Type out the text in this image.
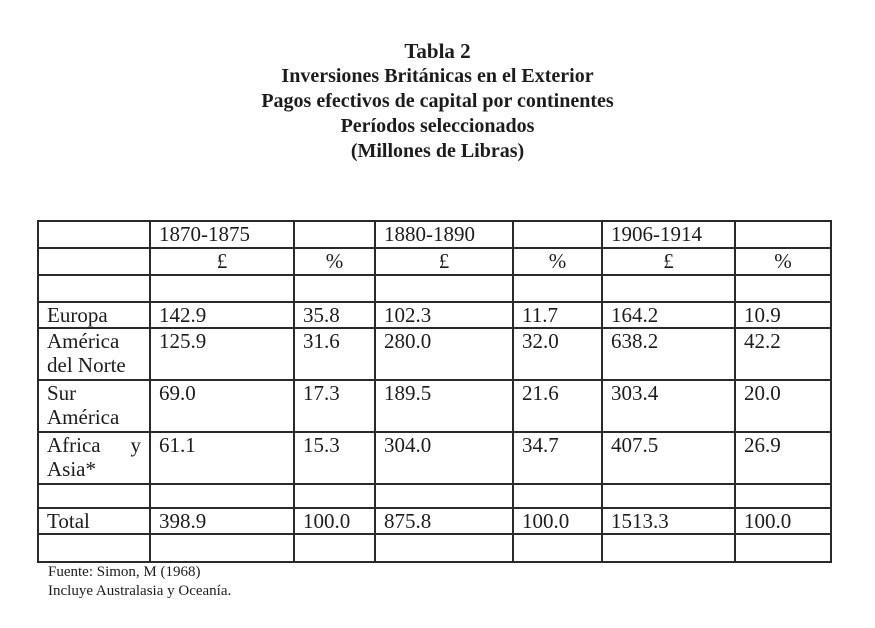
Tabla 2
Inversiones Británicas en el Exterior
Pagos efectivos de capital por continentes
Períodos seleccionados
(Millones de Libras)
	1870-1875		1880-1890		1906-1914	
	£	%	£	%	£	%

Europa	142.9	35.8	102.3	11.7	164.2	10.9
América del Norte	125.9	31.6	280.0	32.0	638.2	42.2
Sur América	69.0	17.3	189.5	21.6	303.4	20.0

Africa y Asia*	61.1	15.3	304.0	34.7	407.5	26.9

Total	398.9	100.0	875.8	100.0	1513.3	100.0

Fuente: Simon, M (1968)
Incluye Australasia y Oceanía.
